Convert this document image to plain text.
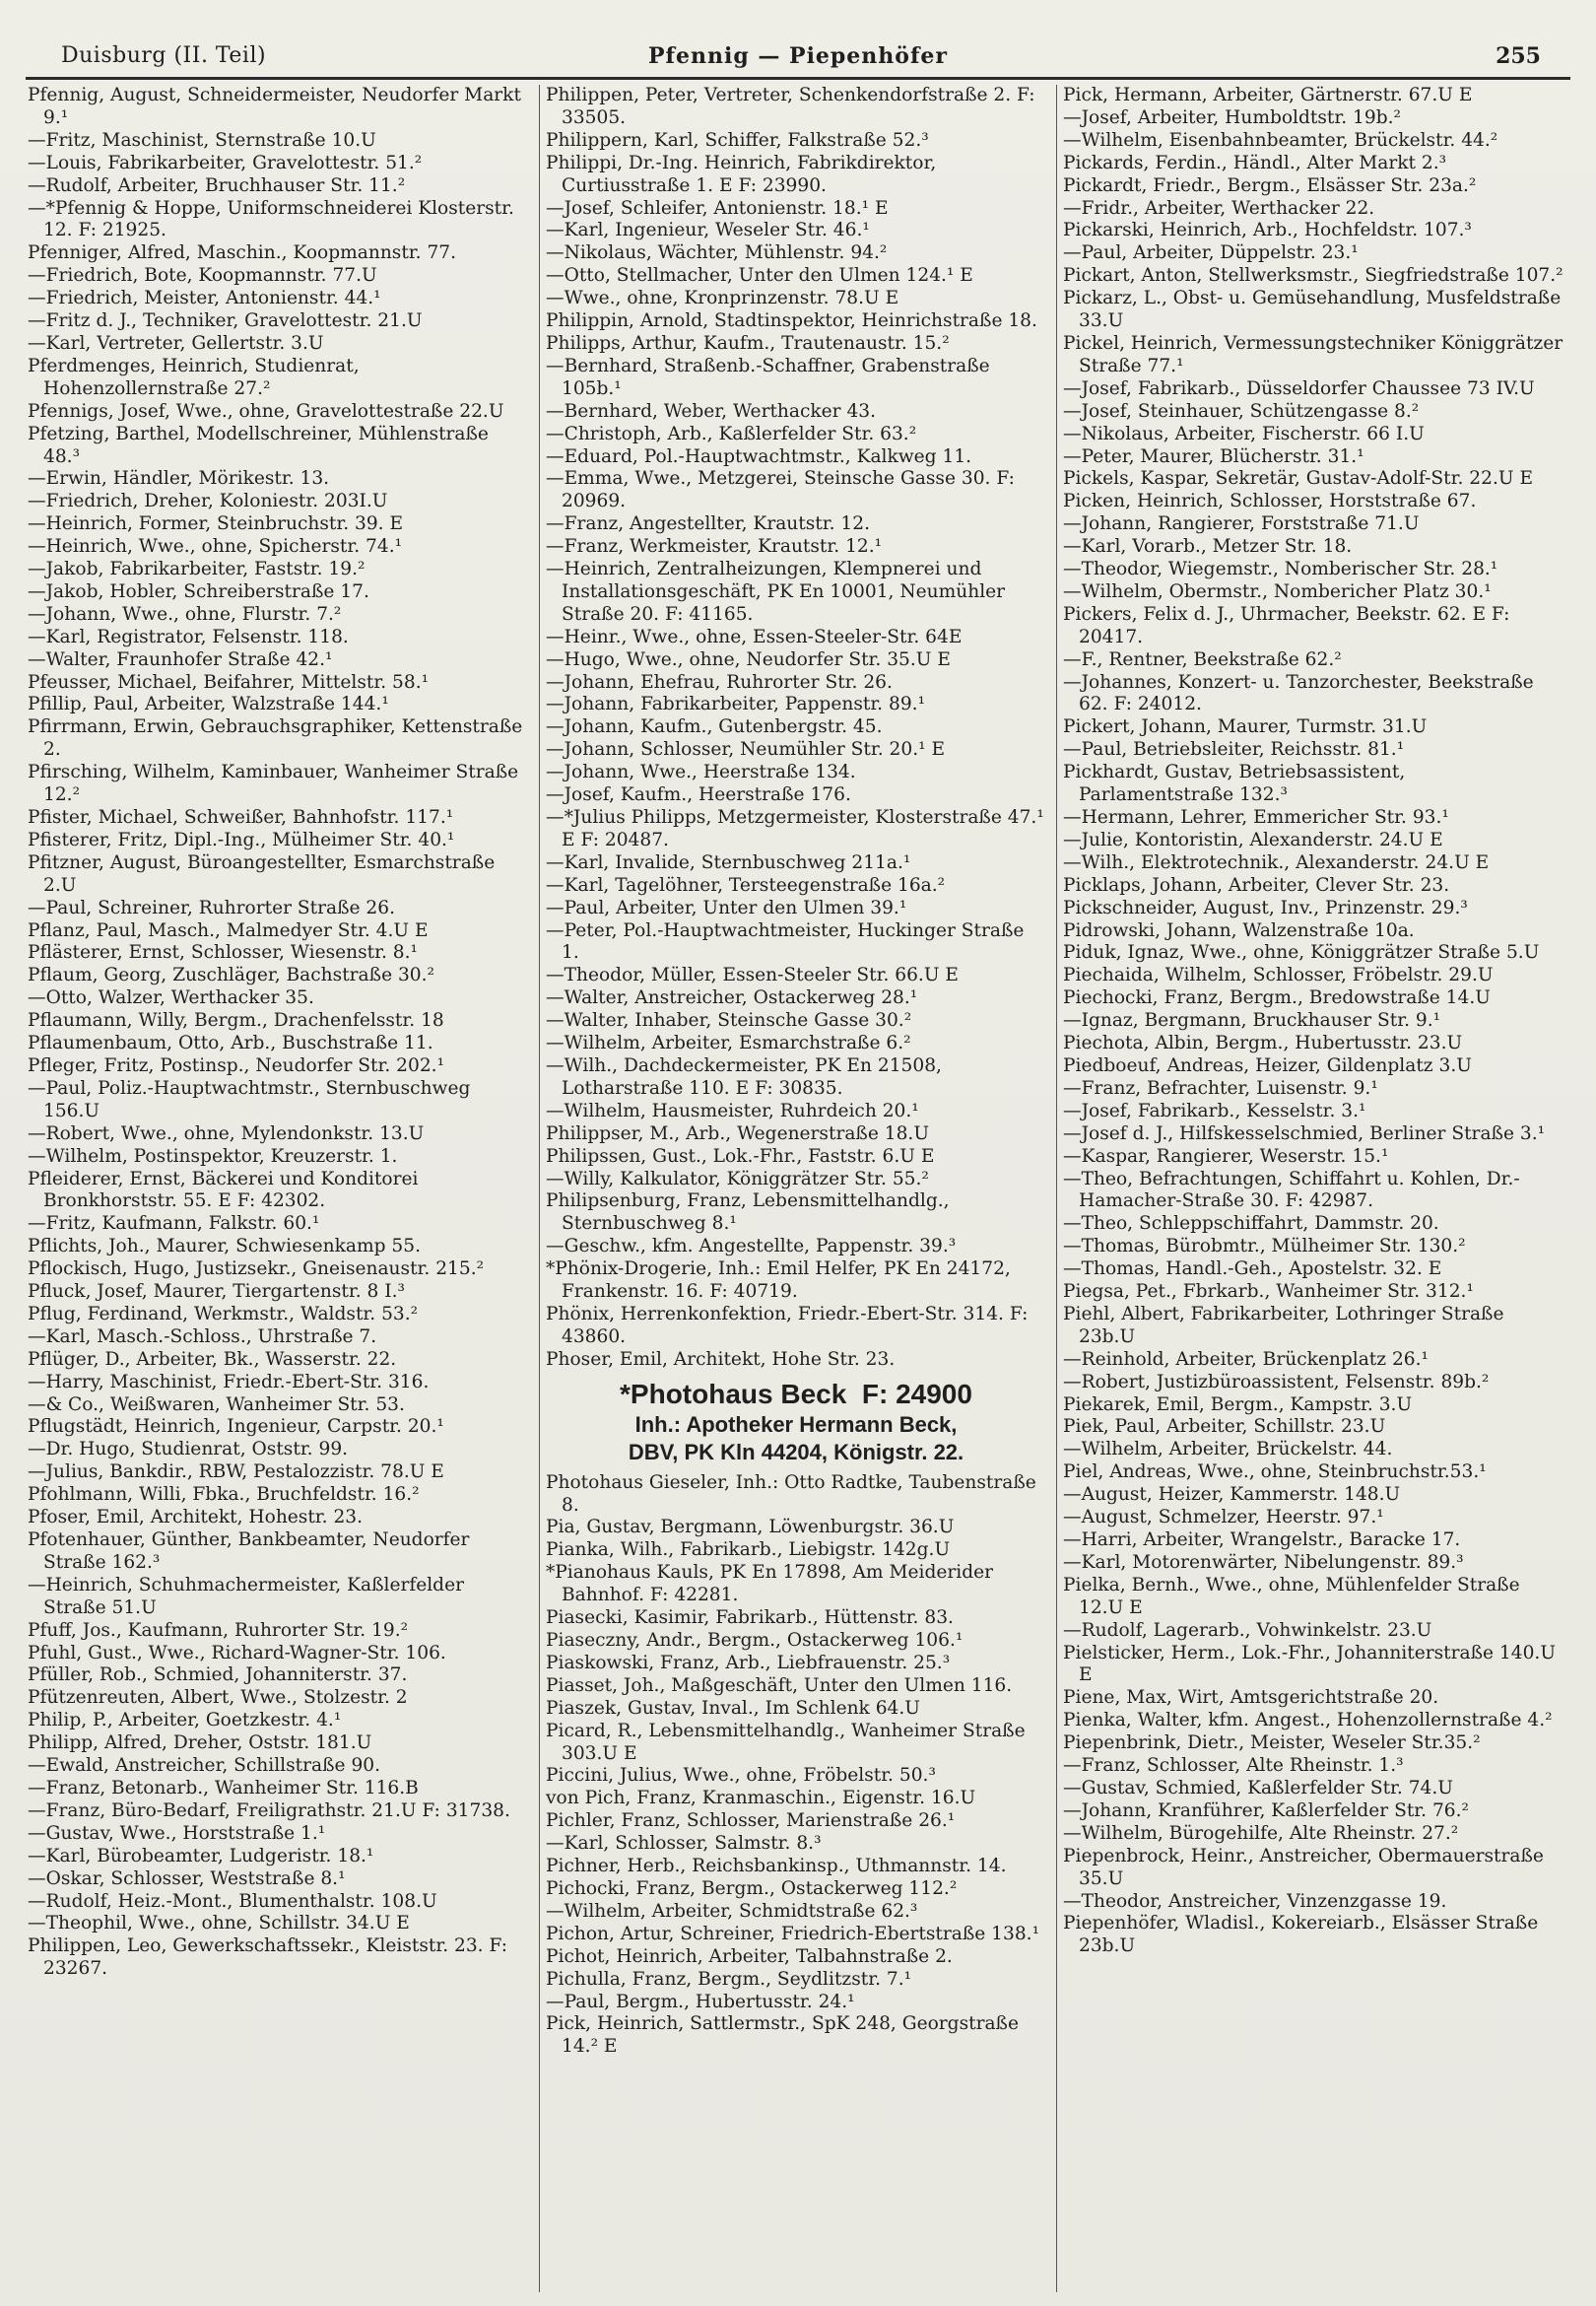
Duisburg (II. Teil)	Pfennig — Piepenhöfer	255
Pfennig, August, Schneidermeister, Neudorfer Markt 9.¹
—Fritz, Maschinist, Sternstraße 10.U
—Louis, Fabrikarbeiter, Gravelottestr. 51.²
—Rudolf, Arbeiter, Bruchhauser Str. 11.²
—*Pfennig & Hoppe, Uniformschneiderei Klosterstr. 12. F: 21925.
Pfenniger, Alfred, Maschin., Koopmannstr. 77.
—Friedrich, Bote, Koopmannstr. 77.U
—Friedrich, Meister, Antonienstr. 44.¹
—Fritz d. J., Techniker, Gravelottestr. 21.U
—Karl, Vertreter, Gellertstr. 3.U
Pferdmenges, Heinrich, Studienrat, Hohenzollernstraße 27.²
Pfennigs, Josef, Wwe., ohne, Gravelottestraße 22.U
Pfetzing, Barthel, Modellschreiner, Mühlenstraße 48.³
—Erwin, Händler, Mörikestr. 13.
—Friedrich, Dreher, Koloniestr. 203I.U
—Heinrich, Former, Steinbruchstr. 39. E
—Heinrich, Wwe., ohne, Spicherstr. 74.¹
—Jakob, Fabrikarbeiter, Faststr. 19.²
—Jakob, Hobler, Schreiberstraße 17.
—Johann, Wwe., ohne, Flurstr. 7.²
—Karl, Registrator, Felsenstr. 118.
—Walter, Fraunhofer Straße 42.¹
Pfeusser, Michael, Beifahrer, Mittelstr. 58.¹
Pfillip, Paul, Arbeiter, Walzstraße 144.¹
Pfirrmann, Erwin, Gebrauchsgraphiker, Kettenstraße 2.
Pfirsching, Wilhelm, Kaminbauer, Wanheimer Straße 12.²
Pfister, Michael, Schweißer, Bahnhofstr. 117.¹
Pfisterer, Fritz, Dipl.-Ing., Mülheimer Str. 40.¹
Pfitzner, August, Büroangestellter, Esmarchstraße 2.U
—Paul, Schreiner, Ruhrorter Straße 26.
Pflanz, Paul, Masch., Malmedyer Str. 4.U E
Pflästerer, Ernst, Schlosser, Wiesenstr. 8.¹
Pflaum, Georg, Zuschläger, Bachstraße 30.²
—Otto, Walzer, Werthacker 35.
Pflaumann, Willy, Bergm., Drachenfelsstr. 18
Pflaumenbaum, Otto, Arb., Buschstraße 11.
Pfleger, Fritz, Postinsp., Neudorfer Str. 202.¹
—Paul, Poliz.-Hauptwachtmstr., Sternbuschweg 156.U
—Robert, Wwe., ohne, Mylendonkstr. 13.U
—Wilhelm, Postinspektor, Kreuzerstr. 1.
Pfleiderer, Ernst, Bäckerei und Konditorei Bronkhorststr. 55. E F: 42302.
—Fritz, Kaufmann, Falkstr. 60.¹
Pflichts, Joh., Maurer, Schwiesenkamp 55.
Pflockisch, Hugo, Justizsekr., Gneisenaustr. 215.²
Pfluck, Josef, Maurer, Tiergartenstr. 8 I.³
Pflug, Ferdinand, Werkmstr., Waldstr. 53.²
—Karl, Masch.-Schloss., Uhrstraße 7.
Pflüger, D., Arbeiter, Bk., Wasserstr. 22.
—Harry, Maschinist, Friedr.-Ebert-Str. 316.
—& Co., Weißwaren, Wanheimer Str. 53.
Pflugstädt, Heinrich, Ingenieur, Carpstr. 20.¹
—Dr. Hugo, Studienrat, Oststr. 99.
—Julius, Bankdir., RBW, Pestalozzistr. 78.U E
Pfohlmann, Willi, Fbka., Bruchfeldstr. 16.²
Pfoser, Emil, Architekt, Hohestr. 23.
Pfotenhauer, Günther, Bankbeamter, Neudorfer Straße 162.³
—Heinrich, Schuhmachermeister, Kaßlerfelder Straße 51.U
Pfuff, Jos., Kaufmann, Ruhrorter Str. 19.²
Pfuhl, Gust., Wwe., Richard-Wagner-Str. 106.
Pfüller, Rob., Schmied, Johanniterstr. 37.
Pfützenreuten, Albert, Wwe., Stolzestr. 2
Philip, P., Arbeiter, Goetzkestr. 4.¹
Philipp, Alfred, Dreher, Oststr. 181.U
—Ewald, Anstreicher, Schillstraße 90.
—Franz, Betonarb., Wanheimer Str. 116.B
—Franz, Büro-Bedarf, Freiligrathstr. 21.U F: 31738.
—Gustav, Wwe., Horststraße 1.¹
—Karl, Bürobeamter, Ludgeristr. 18.¹
—Oskar, Schlosser, Weststraße 8.¹
—Rudolf, Heiz.-Mont., Blumenthalstr. 108.U
—Theophil, Wwe., ohne, Schillstr. 34.U E
Philippen, Leo, Gewerkschaftssekr., Kleiststr. 23. F: 23267.
Philippen, Peter, Vertreter, Schenkendorfstraße 2. F: 33505.
Philippern, Karl, Schiffer, Falkstraße 52.³
Philippi, Dr.-Ing. Heinrich, Fabrikdirektor, Curtiusstraße 1. E F: 23990.
—Josef, Schleifer, Antonienstr. 18.¹ E
—Karl, Ingenieur, Weseler Str. 46.¹
—Nikolaus, Wächter, Mühlenstr. 94.²
—Otto, Stellmacher, Unter den Ulmen 124.¹ E
—Wwe., ohne, Kronprinzenstr. 78.U E
Philippin, Arnold, Stadtinspektor, Heinrichstraße 18.
Philipps, Arthur, Kaufm., Trautenaustr. 15.²
—Bernhard, Straßenb.-Schaffner, Grabenstraße 105b.¹
—Bernhard, Weber, Werthacker 43.
—Christoph, Arb., Kaßlerfelder Str. 63.²
—Eduard, Pol.-Hauptwachtmstr., Kalkweg 11.
—Emma, Wwe., Metzgerei, Steinsche Gasse 30. F: 20969.
—Franz, Angestellter, Krautstr. 12.
—Franz, Werkmeister, Krautstr. 12.¹
—Heinrich, Zentralheizungen, Klempnerei und Installationsgeschäft, PK En 10001, Neumühler Straße 20. F: 41165.
—Heinr., Wwe., ohne, Essen-Steeler-Str. 64E
—Hugo, Wwe., ohne, Neudorfer Str. 35.U E
—Johann, Ehefrau, Ruhrorter Str. 26.
—Johann, Fabrikarbeiter, Pappenstr. 89.¹
—Johann, Kaufm., Gutenbergstr. 45.
—Johann, Schlosser, Neumühler Str. 20.¹ E
—Johann, Wwe., Heerstraße 134.
—Josef, Kaufm., Heerstraße 176.
—*Julius Philipps, Metzgermeister, Klosterstraße 47.¹ E F: 20487.
—Karl, Invalide, Sternbuschweg 211a.¹
—Karl, Tagelöhner, Tersteegenstraße 16a.²
—Paul, Arbeiter, Unter den Ulmen 39.¹
—Peter, Pol.-Hauptwachtmeister, Huckinger Straße 1.
—Theodor, Müller, Essen-Steeler Str. 66.U E
—Walter, Anstreicher, Ostackerweg 28.¹
—Walter, Inhaber, Steinsche Gasse 30.²
—Wilhelm, Arbeiter, Esmarchstraße 6.²
—Wilh., Dachdeckermeister, PK En 21508, Lotharstraße 110. E F: 30835.
—Wilhelm, Hausmeister, Ruhrdeich 20.¹
Philippser, M., Arb., Wegenerstraße 18.U
Philipssen, Gust., Lok.-Fhr., Faststr. 6.U E
—Willy, Kalkulator, Königgrätzer Str. 55.²
Philipsenburg, Franz, Lebensmittelhandlg., Sternbuschweg 8.¹
—Geschw., kfm. Angestellte, Pappenstr. 39.³
*Phönix-Drogerie, Inh.: Emil Helfer, PK En 24172, Frankenstr. 16. F: 40719.
Phönix, Herrenkonfektion, Friedr.-Ebert-Str. 314. F: 43860.
Phoser, Emil, Architekt, Hohe Str. 23.
*Photohaus Beck F: 24900
Inh.: Apotheker Hermann Beck,
DBV, PK Kln 44204, Königstr. 22.
Photohaus Gieseler, Inh.: Otto Radtke, Taubenstraße 8.
Pia, Gustav, Bergmann, Löwenburgstr. 36.U
Pianka, Wilh., Fabrikarb., Liebigstr. 142g.U
*Pianohaus Kauls, PK En 17898, Am Meiderider Bahnhof. F: 42281.
Piasecki, Kasimir, Fabrikarb., Hüttenstr. 83.
Piaseczny, Andr., Bergm., Ostackerweg 106.¹
Piaskowski, Franz, Arb., Liebfrauenstr. 25.³
Piasset, Joh., Maßgeschäft, Unter den Ulmen 116.
Piaszek, Gustav, Inval., Im Schlenk 64.U
Picard, R., Lebensmittelhandlg., Wanheimer Straße 303.U E
Piccini, Julius, Wwe., ohne, Fröbelstr. 50.³
von Pich, Franz, Kranmaschin., Eigenstr. 16.U
Pichler, Franz, Schlosser, Marienstraße 26.¹
—Karl, Schlosser, Salmstr. 8.³
Pichner, Herb., Reichsbankinsp., Uthmannstr. 14.
Pichocki, Franz, Bergm., Ostackerweg 112.²
—Wilhelm, Arbeiter, Schmidtstraße 62.³
Pichon, Artur, Schreiner, Friedrich-Ebertstraße 138.¹
Pichot, Heinrich, Arbeiter, Talbahnstraße 2.
Pichulla, Franz, Bergm., Seydlitzstr. 7.¹
—Paul, Bergm., Hubertusstr. 24.¹
Pick, Heinrich, Sattlermstr., SpK 248, Georgstraße 14.² E
Pick, Hermann, Arbeiter, Gärtnerstr. 67.U E
—Josef, Arbeiter, Humboldtstr. 19b.²
—Wilhelm, Eisenbahnbeamter, Brückelstr. 44.²
Pickards, Ferdin., Händl., Alter Markt 2.³
Pickardt, Friedr., Bergm., Elsässer Str. 23a.²
—Fridr., Arbeiter, Werthacker 22.
Pickarski, Heinrich, Arb., Hochfeldstr. 107.³
—Paul, Arbeiter, Düppelstr. 23.¹
Pickart, Anton, Stellwerksmstr., Siegfriedstraße 107.²
Pickarz, L., Obst- u. Gemüsehandlung, Musfeldstraße 33.U
Pickel, Heinrich, Vermessungstechniker Königgrätzer Straße 77.¹
—Josef, Fabrikarb., Düsseldorfer Chaussee 73 IV.U
—Josef, Steinhauer, Schützengasse 8.²
—Nikolaus, Arbeiter, Fischerstr. 66 I.U
—Peter, Maurer, Blücherstr. 31.¹
Pickels, Kaspar, Sekretär, Gustav-Adolf-Str. 22.U E
Picken, Heinrich, Schlosser, Horststraße 67.
—Johann, Rangierer, Forststraße 71.U
—Karl, Vorarb., Metzer Str. 18.
—Theodor, Wiegemstr., Nomberischer Str. 28.¹
—Wilhelm, Obermstr., Nombericher Platz 30.¹
Pickers, Felix d. J., Uhrmacher, Beekstr. 62. E F: 20417.
—F., Rentner, Beekstraße 62.²
—Johannes, Konzert- u. Tanzorchester, Beekstraße 62. F: 24012.
Pickert, Johann, Maurer, Turmstr. 31.U
—Paul, Betriebsleiter, Reichsstr. 81.¹
Pickhardt, Gustav, Betriebsassistent, Parlamentstraße 132.³
—Hermann, Lehrer, Emmericher Str. 93.¹
—Julie, Kontoristin, Alexanderstr. 24.U E
—Wilh., Elektrotechnik., Alexanderstr. 24.U E
Picklaps, Johann, Arbeiter, Clever Str. 23.
Pickschneider, August, Inv., Prinzenstr. 29.³
Pidrowski, Johann, Walzenstraße 10a.
Piduk, Ignaz, Wwe., ohne, Königgrätzer Straße 5.U
Piechaida, Wilhelm, Schlosser, Fröbelstr. 29.U
Piechocki, Franz, Bergm., Bredowstraße 14.U
—Ignaz, Bergmann, Bruckhauser Str. 9.¹
Piechota, Albin, Bergm., Hubertusstr. 23.U
Piedboeuf, Andreas, Heizer, Gildenplatz 3.U
—Franz, Befrachter, Luisenstr. 9.¹
—Josef, Fabrikarb., Kesselstr. 3.¹
—Josef d. J., Hilfskesselschmied, Berliner Straße 3.¹
—Kaspar, Rangierer, Weserstr. 15.¹
—Theo, Befrachtungen, Schiffahrt u. Kohlen, Dr.-Hamacher-Straße 30. F: 42987.
—Theo, Schleppschiffahrt, Dammstr. 20.
—Thomas, Bürobmtr., Mülheimer Str. 130.²
—Thomas, Handl.-Geh., Apostelstr. 32. E
Piegsa, Pet., Fbrkarb., Wanheimer Str. 312.¹
Piehl, Albert, Fabrikarbeiter, Lothringer Straße 23b.U
—Reinhold, Arbeiter, Brückenplatz 26.¹
—Robert, Justizbüroassistent, Felsenstr. 89b.²
Piekarek, Emil, Bergm., Kampstr. 3.U
Piek, Paul, Arbeiter, Schillstr. 23.U
—Wilhelm, Arbeiter, Brückelstr. 44.
Piel, Andreas, Wwe., ohne, Steinbruchstr.53.¹
—August, Heizer, Kammerstr. 148.U
—August, Schmelzer, Heerstr. 97.¹
—Harri, Arbeiter, Wrangelstr., Baracke 17.
—Karl, Motorenwärter, Nibelungenstr. 89.³
Pielka, Bernh., Wwe., ohne, Mühlenfelder Straße 12.U E
—Rudolf, Lagerarb., Vohwinkelstr. 23.U
Pielsticker, Herm., Lok.-Fhr., Johanniterstraße 140.U E
Piene, Max, Wirt, Amtsgerichtstraße 20.
Pienka, Walter, kfm. Angest., Hohenzollernstraße 4.²
Piepenbrink, Dietr., Meister, Weseler Str.35.²
—Franz, Schlosser, Alte Rheinstr. 1.³
—Gustav, Schmied, Kaßlerfelder Str. 74.U
—Johann, Kranführer, Kaßlerfelder Str. 76.²
—Wilhelm, Bürogehilfe, Alte Rheinstr. 27.²
Piepenbrock, Heinr., Anstreicher, Obermauerstraße 35.U
—Theodor, Anstreicher, Vinzenzgasse 19.
Piepenhöfer, Wladisl., Kokereiarb., Elsässer Straße 23b.U
